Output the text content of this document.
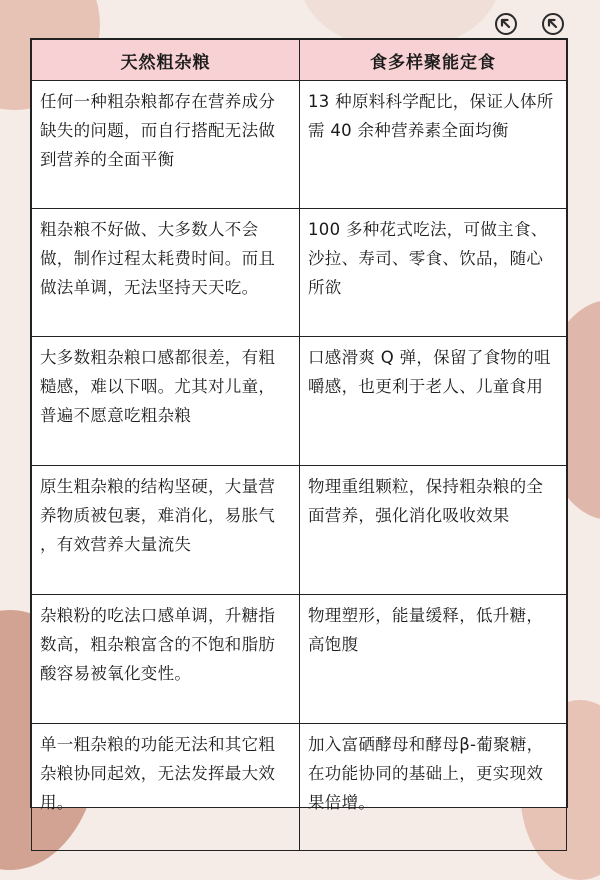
天然粗杂粮	食多样聚能定食
任何一种粗杂粮都存在营养成分缺失的问题，而自行搭配无法做到营养的全面平衡	13 种原料科学配比，保证人体所需 40 余种营养素全面均衡
粗杂粮不好做、大多数人不会做，制作过程太耗费时间。而且做法单调，无法坚持天天吃。	100 多种花式吃法，可做主食、沙拉、寿司、零食、饮品，随心所欲
大多数粗杂粮口感都很差，有粗糙感，难以下咽。尤其对儿童，普遍不愿意吃粗杂粮	口感滑爽 Q 弹，保留了食物的咀嚼感，也更利于老人、儿童食用
原生粗杂粮的结构坚硬，大量营养物质被包裹，难消化，易胀气 ，有效营养大量流失	物理重组颗粒，保持粗杂粮的全面营养，强化消化吸收效果
杂粮粉的吃法口感单调，升糖指数高，粗杂粮富含的不饱和脂肪酸容易被氧化变性。	物理塑形，能量缓释，低升糖，高饱腹
单一粗杂粮的功能无法和其它粗杂粮协同起效，无法发挥最大效用。	加入富硒酵母和酵母β-葡聚糖，在功能协同的基础上，更实现效果倍增。
